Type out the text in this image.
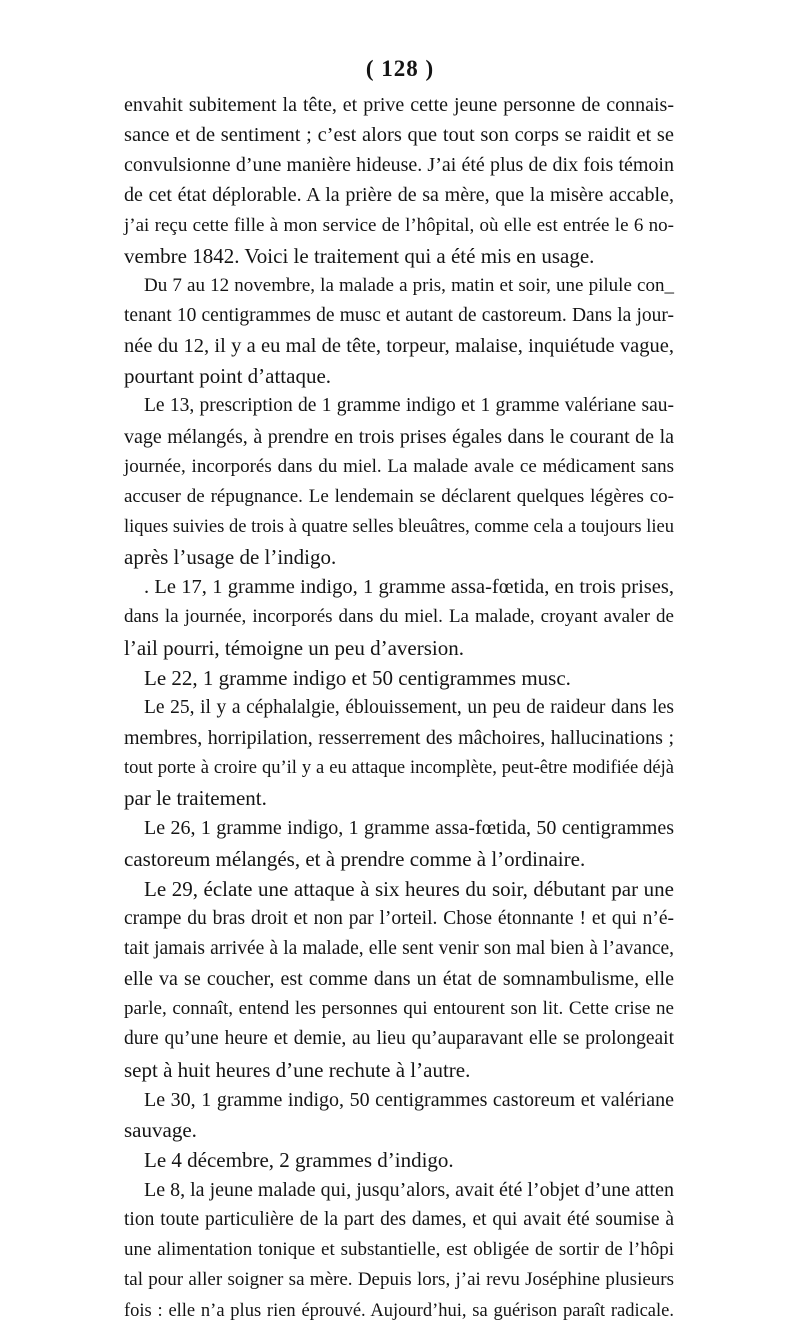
( 128 )
envahit subitement la tête, et prive cette jeune personne de connais-
sance et de sentiment ; c’est alors que tout son corps se raidit et se
convulsionne d’une manière hideuse. J’ai été plus de dix fois témoin
de cet état déplorable. A la prière de sa mère, que la misère accable,
j’ai reçu cette fille à mon service de l’hôpital, où elle est entrée le 6 no-
vembre 1842. Voici le traitement qui a été mis en usage.
Du 7 au 12 novembre, la malade a pris, matin et soir, une pilule con_
tenant 10 centigrammes de musc et autant de castoreum. Dans la jour-
née du 12, il y a eu mal de tête, torpeur, malaise, inquiétude vague,
pourtant point d’attaque.
Le 13, prescription de 1 gramme indigo et 1 gramme valériane sau-
vage mélangés, à prendre en trois prises égales dans le courant de la
journée, incorporés dans du miel. La malade avale ce médicament sans
accuser de répugnance. Le lendemain se déclarent quelques légères co-
liques suivies de trois à quatre selles bleuâtres, comme cela a toujours lieu
après l’usage de l’indigo.
. Le 17, 1 gramme indigo, 1 gramme assa-fœtida, en trois prises,
dans la journée, incorporés dans du miel. La malade, croyant avaler de
l’ail pourri, témoigne un peu d’aversion.
Le 22, 1 gramme indigo et 50 centigrammes musc.
Le 25, il y a céphalalgie, éblouissement, un peu de raideur dans les
membres, horripilation, resserrement des mâchoires, hallucinations ;
tout porte à croire qu’il y a eu attaque incomplète, peut-être modifiée déjà
par le traitement.
Le 26, 1 gramme indigo, 1 gramme assa-fœtida, 50 centigrammes
castoreum mélangés, et à prendre comme à l’ordinaire.
Le 29, éclate une attaque à six heures du soir, débutant par une
crampe du bras droit et non par l’orteil. Chose étonnante ! et qui n’é-
tait jamais arrivée à la malade, elle sent venir son mal bien à l’avance,
elle va se coucher, est comme dans un état de somnambulisme, elle
parle, connaît, entend les personnes qui entourent son lit. Cette crise ne
dure qu’une heure et demie, au lieu qu’auparavant elle se prolongeait
sept à huit heures d’une rechute à l’autre.
Le 30, 1 gramme indigo, 50 centigrammes castoreum et valériane
sauvage.
Le 4 décembre, 2 grammes d’indigo.
Le 8, la jeune malade qui, jusqu’alors, avait été l’objet d’une atten
tion toute particulière de la part des dames, et qui avait été soumise à
une alimentation tonique et substantielle, est obligée de sortir de l’hôpi
tal pour aller soigner sa mère. Depuis lors, j’ai revu Joséphine plusieurs
fois : elle n’a plus rien éprouvé. Aujourd’hui, sa guérison paraît radicale.
